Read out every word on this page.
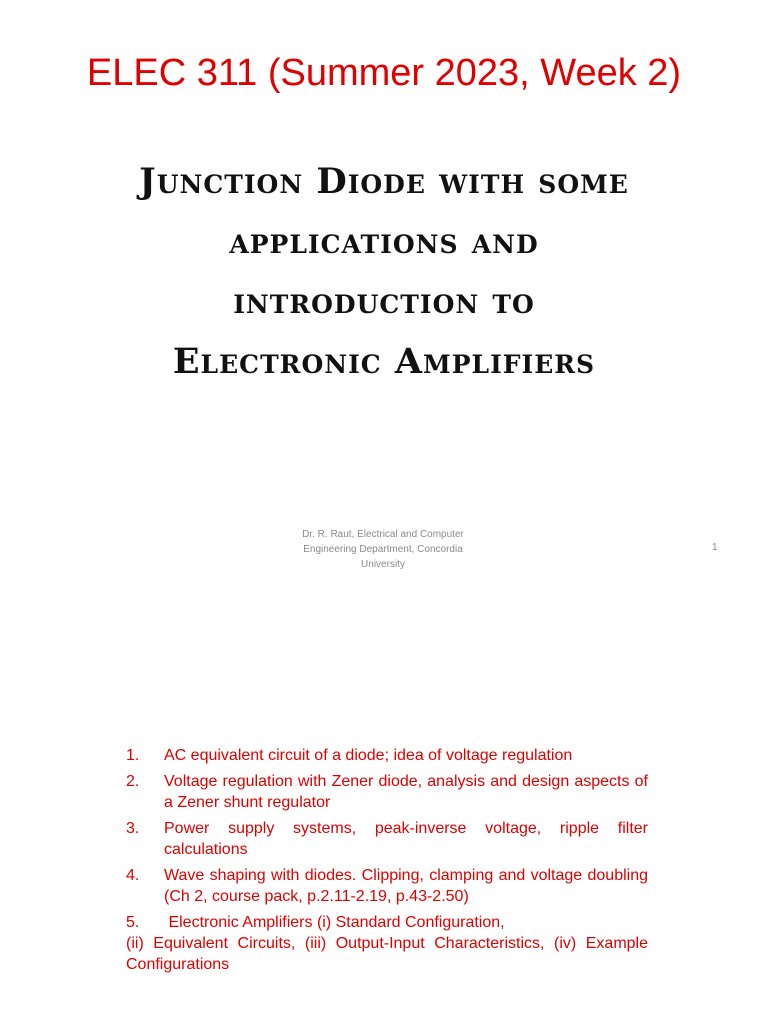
ELEC 311 (Summer 2023, Week 2)
Junction Diode with some
applications and
introduction to
Electronic Amplifiers
Dr. R. Raut, Electrical and Computer
Engineering Department, Concordia
University
1
1.	AC equivalent circuit of a diode; idea of voltage regulation
2.	Voltage regulation with Zener diode, analysis and design aspects of a Zener shunt regulator
3.	Power supply systems, peak-inverse voltage, ripple filter calculations
4.	Wave shaping with diodes. Clipping, clamping and voltage doubling (Ch 2, course pack, p.2.11-2.19, p.43-2.50)
5. Electronic Amplifiers (i) Standard Configuration,
(ii) Equivalent Circuits, (iii) Output-Input Characteristics, (iv) Example Configurations
